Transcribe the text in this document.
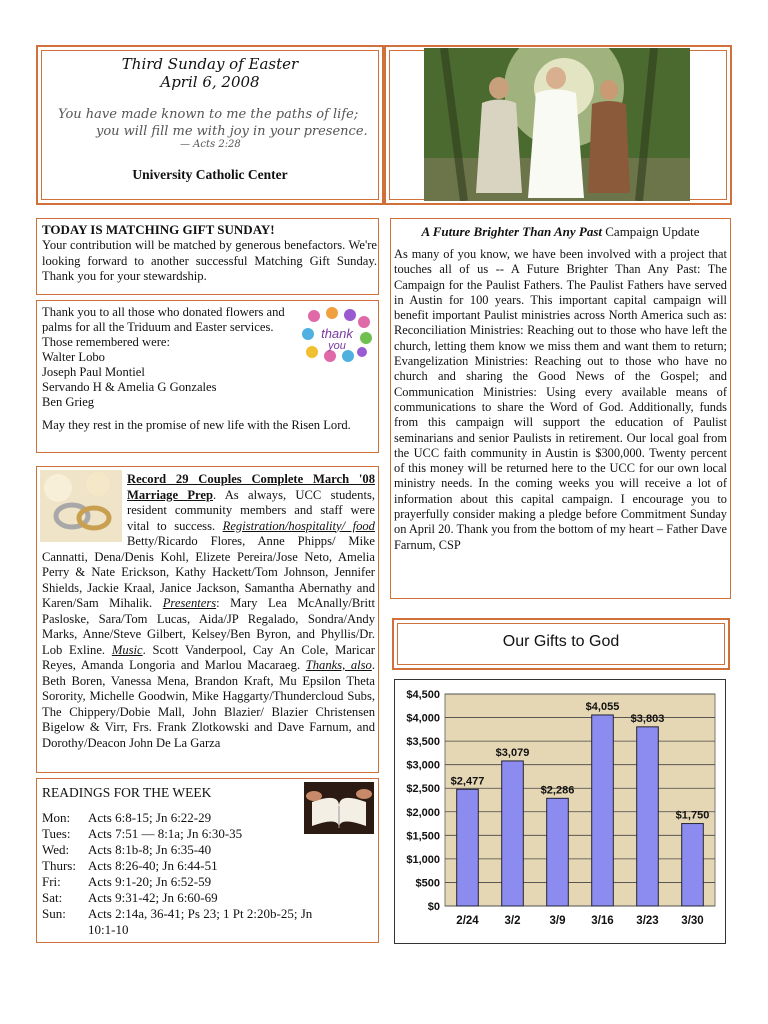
Third Sunday of Easter
April 6, 2008
You have made known to me the paths of life;
you will fill me with joy in your presence.
— Acts 2:28
University Catholic Center
TODAY IS MATCHING GIFT SUNDAY!
Your contribution will be matched by generous benefactors. We're looking forward to another successful Matching Gift Sunday. Thank you for your stewardship.
Thank you to all those who donated flowers and
palms for all the Triduum and Easter services.
Those remembered were:
Walter Lobo
Joseph Paul Montiel
Servando H & Amelia G Gonzales
Ben Grieg
May they rest in the promise of new life with the Risen Lord.
thank
you
Record 29 Couples Complete March '08 Marriage Prep. As always, UCC students, resident community members and staff were vital to success. Registration/hospitality/ food Betty/Ricardo Flores, Anne Phipps/ Mike Cannatti, Dena/Denis Kohl, Elizete Pereira/Jose Neto, Amelia Perry & Nate Erickson, Kathy Hackett/Tom Johnson, Jennifer Shields, Jackie Kraal, Janice Jackson, Samantha Abernathy and Karen/Sam Mihalik. Presenters: Mary Lea McAnally/Britt Pasloske, Sara/Tom Lucas, Aida/JP Regalado, Sondra/Andy Marks, Anne/Steve Gilbert, Kelsey/Ben Byron, and Phyllis/Dr. Lob Exline. Music. Scott Vanderpool, Cay An Cole, Maricar Reyes, Amanda Longoria and Marlou Macaraeg. Thanks, also. Beth Boren, Vanessa Mena, Brandon Kraft, Mu Epsilon Theta Sorority, Michelle Goodwin, Mike Haggarty/Thundercloud Subs, The Chippery/Dobie Mall, John Blazier/ Blazier Christensen Bigelow & Virr, Frs. Frank Zlotkowski and Dave Farnum, and Dorothy/Deacon John De La Garza
READINGS FOR THE WEEK
Mon:	Acts 6:8-15; Jn 6:22-29
Tues:	Acts 7:51 — 8:1a; Jn 6:30-35
Wed:	Acts 8:1b-8; Jn 6:35-40
Thurs: Acts 8:26-40; Jn 6:44-51
Fri:	Acts 9:1-20; Jn 6:52-59
Sat:	Acts 9:31-42; Jn 6:60-69
Sun:	Acts 2:14a, 36-41; Ps 23; 1 Pt 2:20b-25; Jn 10:1-10
A Future Brighter Than Any Past Campaign Update
As many of you know, we have been involved with a project that touches all of us -- A Future Brighter Than Any Past: The Campaign for the Paulist Fathers. The Paulist Fathers have served in Austin for 100 years. This important capital campaign will benefit important Paulist ministries across North America such as: Reconciliation Ministries: Reaching out to those who have left the church, letting them know we miss them and want them to return; Evangelization Ministries: Reaching out to those who have no church and sharing the Good News of the Gospel; and Communication Ministries: Using every available means of communications to share the Word of God. Additionally, funds from this campaign will support the education of Paulist seminarians and senior Paulists in retirement. Our local goal from the UCC faith community in Austin is $300,000. Twenty percent of this money will be returned here to the UCC for our own local ministry needs. In the coming weeks you will receive a lot of information about this capital campaign. I encourage you to prayerfully consider making a pledge before Commitment Sunday on April 20. Thank you from the bottom of my heart – Father Dave Farnum, CSP
Our Gifts to God
$0
$500
$1,000
$1,500
$2,000
$2,500
$3,000
$3,500
$4,000
$4,500
$2,477
2/24
$3,079
3/2
$2,286
3/9
$4,055
3/16
$3,803
3/23
$1,750
3/30
